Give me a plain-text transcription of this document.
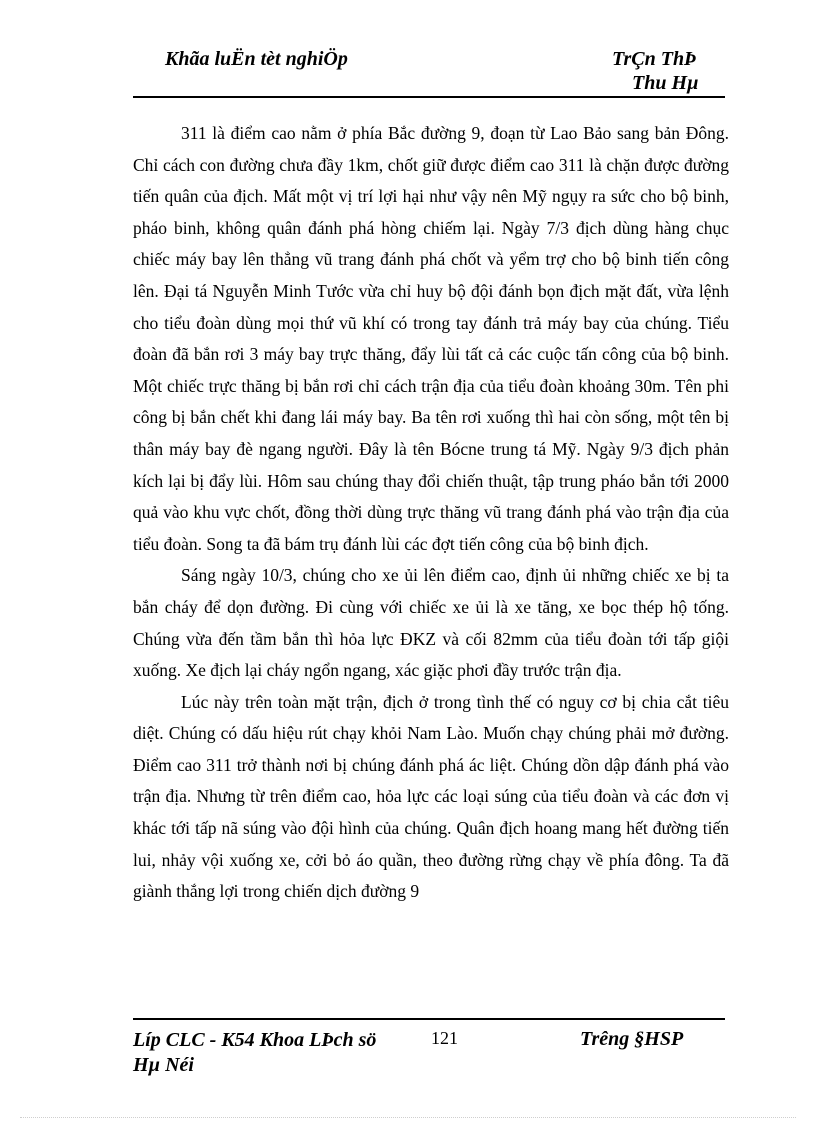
Khãa luËn tèt nghiÖp	TrÇn ThÞ
Thu Hµ

311 là điểm cao nằm ở phía Bắc đường 9, đoạn từ Lao Bảo sang bản Đông. Chỉ cách con đường chưa đầy 1km, chốt giữ được điểm cao 311 là chặn được đường tiến quân của địch. Mất một vị trí lợi hại như vậy nên Mỹ ngụy ra sức cho bộ binh, pháo binh, không quân đánh phá hòng chiếm lại. Ngày 7/3 địch dùng hàng chục chiếc máy bay lên thẳng vũ trang đánh phá chốt và yểm trợ cho bộ binh tiến công lên. Đại tá Nguyễn Minh Tước vừa chỉ huy bộ đội đánh bọn địch mặt đất, vừa lệnh cho tiểu đoàn dùng mọi thứ vũ khí có trong tay đánh trả máy bay của chúng. Tiểu đoàn đã bắn rơi 3 máy bay trực thăng, đẩy lùi tất cả các cuộc tấn công của bộ binh. Một chiếc trực thăng bị bắn rơi chỉ cách trận địa của tiểu đoàn khoảng 30m. Tên phi công bị bắn chết khi đang lái máy bay. Ba tên rơi xuống thì hai còn sống, một tên bị thân máy bay đè ngang người. Đây là tên Bócne trung tá Mỹ. Ngày 9/3 địch phản kích lại bị đẩy lùi. Hôm sau chúng thay đổi chiến thuật, tập trung pháo bắn tới 2000 quả vào khu vực chốt, đồng thời dùng trực thăng vũ trang đánh phá vào trận địa của tiểu đoàn. Song ta đã bám trụ đánh lùi các đợt tiến công của bộ binh địch.

Sáng ngày 10/3, chúng cho xe ủi lên điểm cao, định ủi những chiếc xe bị ta bắn cháy để dọn đường. Đi cùng với chiếc xe ủi là xe tăng, xe bọc thép hộ tống. Chúng vừa đến tầm bắn thì hỏa lực ĐKZ và cối 82mm của tiểu đoàn tới tấp giội xuống. Xe địch lại cháy ngổn ngang, xác giặc phơi đầy trước trận địa.

Lúc này trên toàn mặt trận, địch ở trong tình thế có nguy cơ bị chia cắt tiêu diệt. Chúng có dấu hiệu rút chạy khỏi Nam Lào. Muốn chạy chúng phải mở đường. Điểm cao 311 trở thành nơi bị chúng đánh phá ác liệt. Chúng dồn dập đánh phá vào trận địa. Nhưng từ trên điểm cao, hỏa lực các loại súng của tiểu đoàn và các đơn vị khác tới tấp nã súng vào đội hình của chúng. Quân địch hoang mang hết đường tiến lui, nhảy vội xuống xe, cởi bỏ áo quần, theo đường rừng chạy về phía đông. Ta đã giành thắng lợi trong chiến dịch đường 9

Líp CLC - K54 Khoa LÞch sö
Hµ Néi
121	Trêng §HSP
